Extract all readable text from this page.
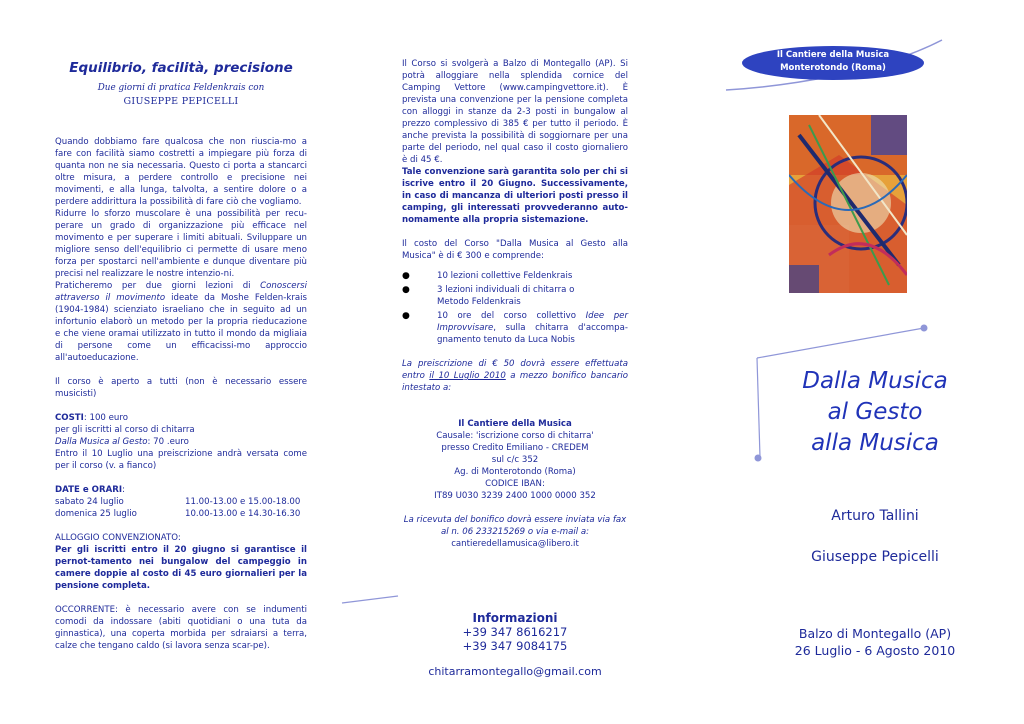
Equilibrio, facilità, precisione
Due giorni di pratica Feldenkrais con
GIUSEPPE PEPICELLI

Quando dobbiamo fare qualcosa che non riuscia-mo a fare con facilità siamo costretti a impiegare più forza di quanta non ne sia necessaria. Questo ci porta a stancarci oltre misura, a perdere controllo e precisione nei movimenti, e alla lunga, talvolta, a sentire dolore o a perdere addirittura la possibilità di fare ciò che vogliamo.

Ridurre lo sforzo muscolare è una possibilità per recu-perare un grado di organizzazione più efficace nel movimento e per superare i limiti abituali. Sviluppare un migliore senso dell'equilibrio ci permette di usare meno forza per spostarci nell'ambiente e dunque diventare più precisi nel realizzare le nostre intenzio-ni.

Praticheremo per due giorni lezioni di Conoscersi attraverso il movimento ideate da Moshe Felden-krais (1904-1984) scienziato israeliano che in seguito ad un infortunio elaborò un metodo per la propria rieducazione e che viene oramai utilizzato in tutto il mondo da migliaia di persone come un efficacissi-mo approccio all'autoeducazione.

Il corso è aperto a tutti (non è necessario essere musicisti)

COSTI: 100 euro

per gli iscritti al corso di chitarra

Dalla Musica al Gesto: 70 .euro

Entro il 10 Luglio una preiscrizione andrà versata come per il corso (v. a fianco)

DATE e ORARI:

sabato 24 luglio	11.00-13.00 e 15.00-18.00
domenica 25 luglio	10.00-13.00 e 14.30-16.30

ALLOGGIO CONVENZIONATO:

Per gli iscritti entro il 20 giugno si garantisce il pernot-tamento nei bungalow del campeggio in camere doppie al costo di 45 euro giornalieri per la pensione completa.

OCCORRENTE: è necessario avere con se indumenti comodi da indossare (abiti quotidiani o una tuta da ginnastica), una coperta morbida per sdraiarsi a terra, calze che tengano caldo (si lavora senza scar-pe).

Il Corso si svolgerà a Balzo di Montegallo (AP). Si potrà alloggiare nella splendida cornice del Camping Vettore (www.campingvettore.it). È prevista una convenzione per la pensione completa con alloggi in stanze da 2-3 posti in bungalow al prezzo complessivo di 385 € per tutto il periodo. È anche prevista la possibilità di soggiornare per una parte del periodo, nel qual caso il costo giornaliero è di 45 €.

Tale convenzione sarà garantita solo per chi si iscrive entro il 20 Giugno. Successivamente, in caso di mancanza di ulteriori posti presso il camping, gli interessati provvederanno auto-nomamente alla propria sistemazione.

Il costo del Corso "Dalla Musica al Gesto alla Musica" è di € 300 e comprende:

●	10 lezioni collettive Feldenkrais
●	3 lezioni individuali di chitarra o
Metodo Feldenkrais
●	10 ore del corso collettivo Idee per Improvvisare, sulla chitarra d'accompa-gnamento tenuto da Luca Nobis

La preiscrizione di € 50 dovrà essere effettuata entro il 10 Luglio 2010 a mezzo bonifico bancario intestato a:

Il Cantiere della Musica

Causale: 'iscrizione corso di chitarra'

presso Credito Emiliano - CREDEM

sul c/c 352

Ag. di Monterotondo (Roma)

CODICE IBAN:

IT89 U030 3239 2400 1000 0000 352

La ricevuta del bonifico dovrà essere inviata via fax al n. 06 233215269 o via e-mail a:

cantieredellamusica@libero.it

Informazioni
+39 347 8616217
+39 347 9084175
chitarramontegallo@gmail.com
Il Cantiere della Musica
Monterotondo (Roma)
Dalla Musica
al Gesto
alla Musica
Arturo Tallini
Giuseppe Pepicelli
Balzo di Montegallo (AP)
26 Luglio - 6 Agosto 2010
